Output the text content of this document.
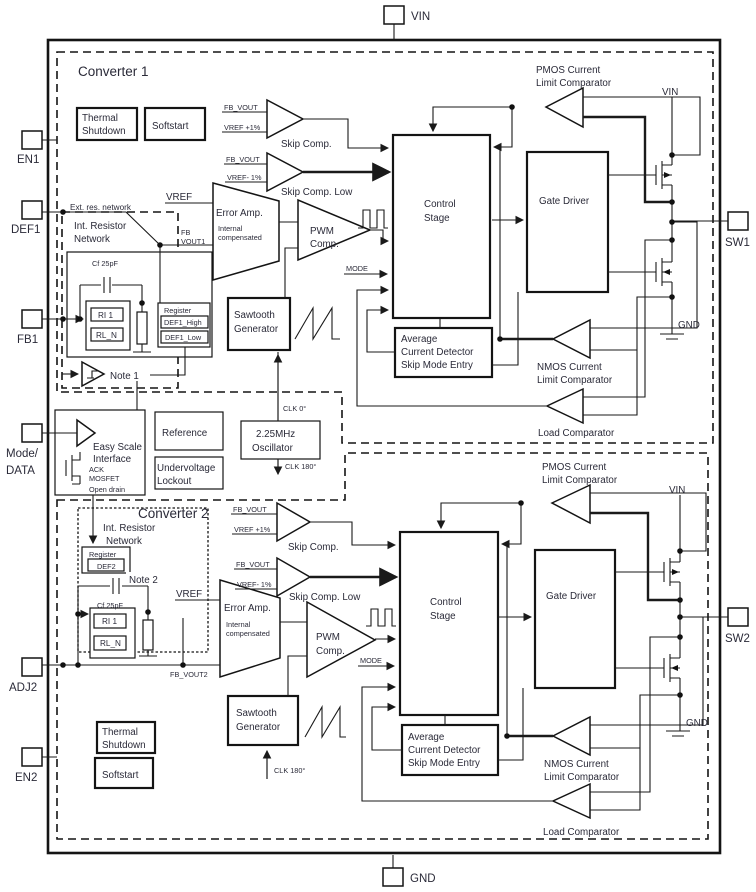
VIN
GND
EN1
DEF1
FB1
Mode/
DATA
ADJ2
EN2
SW1
SW2
Converter 1
Thermal
Shutdown	Softstart
FB_VOUT
VREF +1%
Skip Comp.
FB_VOUT
VREF- 1%
Skip Comp. Low
VREF
Error Amp.
Internal
compensated
FB
VOUT1
PWM
Comp.
MODE
Control
Stage
Gate Driver
Average
Current Detector
Skip Mode Entry
PMOS Current
Limit Comparator
NMOS Current
Limit Comparator
Load Comparator
VIN
GND
Ext. res. network
Int. Resistor
Network
Cf 25pF
RI 1
RL_N
Register
DEF1_High
DEF1_Low
Note 1
Sawtooth
Generator
Easy Scale
Interface
ACK
MOSFET
Open drain
Reference
Undervoltage
Lockout
2.25MHz
Oscillator
CLK 0°
CLK 180°
CLK 180°
Converter 2
Int. Resistor
Network
Register
DEF2
Note 2
Cf 25pF
RI 1
RL_N
FB_VOUT2
FB_VOUT
VREF +1%
Skip Comp.
FB_VOUT
VREF- 1%
Skip Comp. Low
VREF
Error Amp.
Internal
compensated	PWM
Comp.
MODE
Control
Stage
Gate Driver
Average
Current Detector
Skip Mode Entry
PMOS Current
Limit Comparator
NMOS Current
Limit Comparator
Load Comparator
VIN
GND
Sawtooth
Generator
Thermal
Shutdown
Softstart
